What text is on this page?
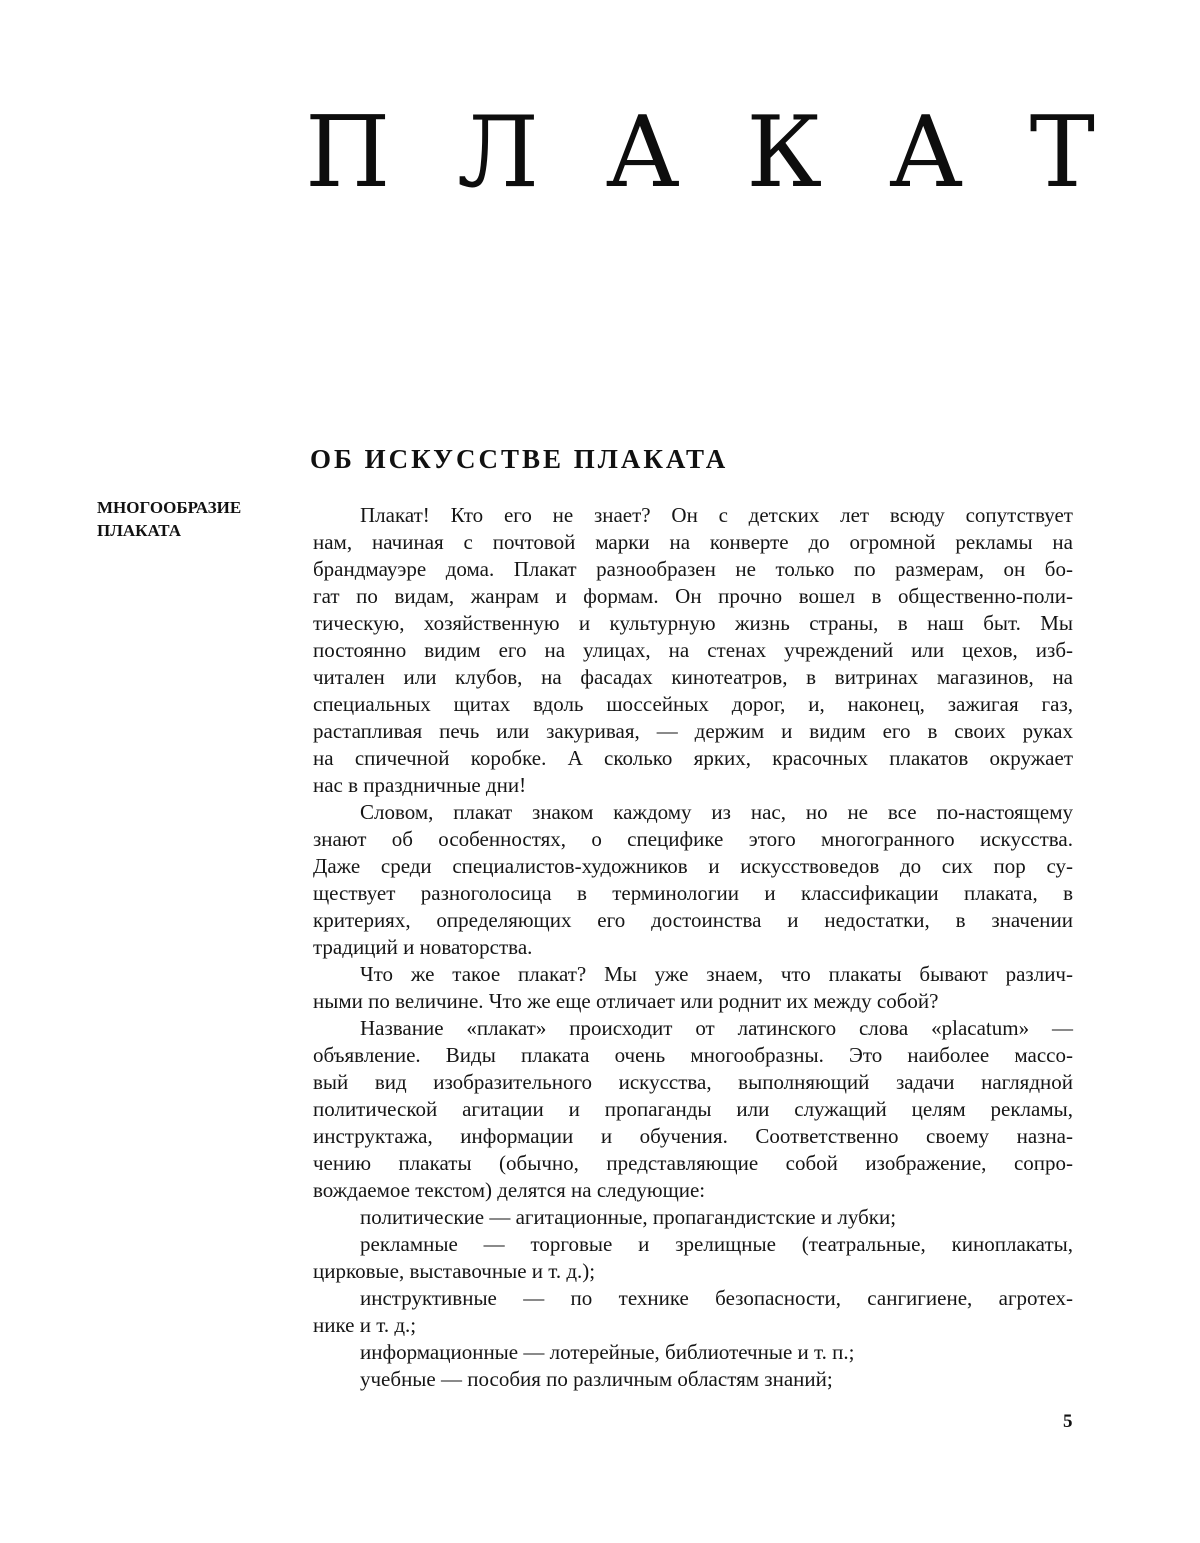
П Л А К А Т
ОБ ИСКУССТВЕ ПЛАКАТА
МНОГООБРАЗИЕ
ПЛАКАТА

Плакат! Кто его не знает? Он с детских лет всюду сопутствует
нам, начиная с почтовой марки на конверте до огромной рекламы на
брандмауэре дома. Плакат разнообразен не только по размерам, он бо-
гат по видам, жанрам и формам. Он прочно вошел в общественно-поли-
тическую, хозяйственную и культурную жизнь страны, в наш быт. Мы
постоянно видим его на улицах, на стенах учреждений или цехов, изб-
читален или клубов, на фасадах кинотеатров, в витринах магазинов, на
специальных щитах вдоль шоссейных дорог, и, наконец, зажигая газ,
растапливая печь или закуривая, — держим и видим его в своих руках
на спичечной коробке. А сколько ярких, красочных плакатов окружает
нас в праздничные дни!

Словом, плакат знаком каждому из нас, но не все по-настоящему
знают об особенностях, о специфике этого многогранного искусства.
Даже среди специалистов-художников и искусствоведов до сих пор су-
ществует разноголосица в терминологии и классификации плаката, в
критериях, определяющих его достоинства и недостатки, в значении
традиций и новаторства.

Что же такое плакат? Мы уже знаем, что плакаты бывают различ-
ными по величине. Что же еще отличает или роднит их между собой?

Название «плакат» происходит от латинского слова «placatum» —
объявление. Виды плаката очень многообразны. Это наиболее массо-
вый вид изобразительного искусства, выполняющий задачи наглядной
политической агитации и пропаганды или служащий целям рекламы,
инструктажа, информации и обучения. Соответственно своему назна-
чению плакаты (обычно, представляющие собой изображение, сопро-
вождаемое текстом) делятся на следующие:

политические — агитационные, пропагандистские и лубки;

рекламные — торговые и зрелищные (театральные, киноплакаты,
цирковые, выставочные и т. д.);

инструктивные — по технике безопасности, сангигиене, агротех-
нике и т. д.;

информационные — лотерейные, библиотечные и т. п.;

учебные — пособия по различным областям знаний;

5
